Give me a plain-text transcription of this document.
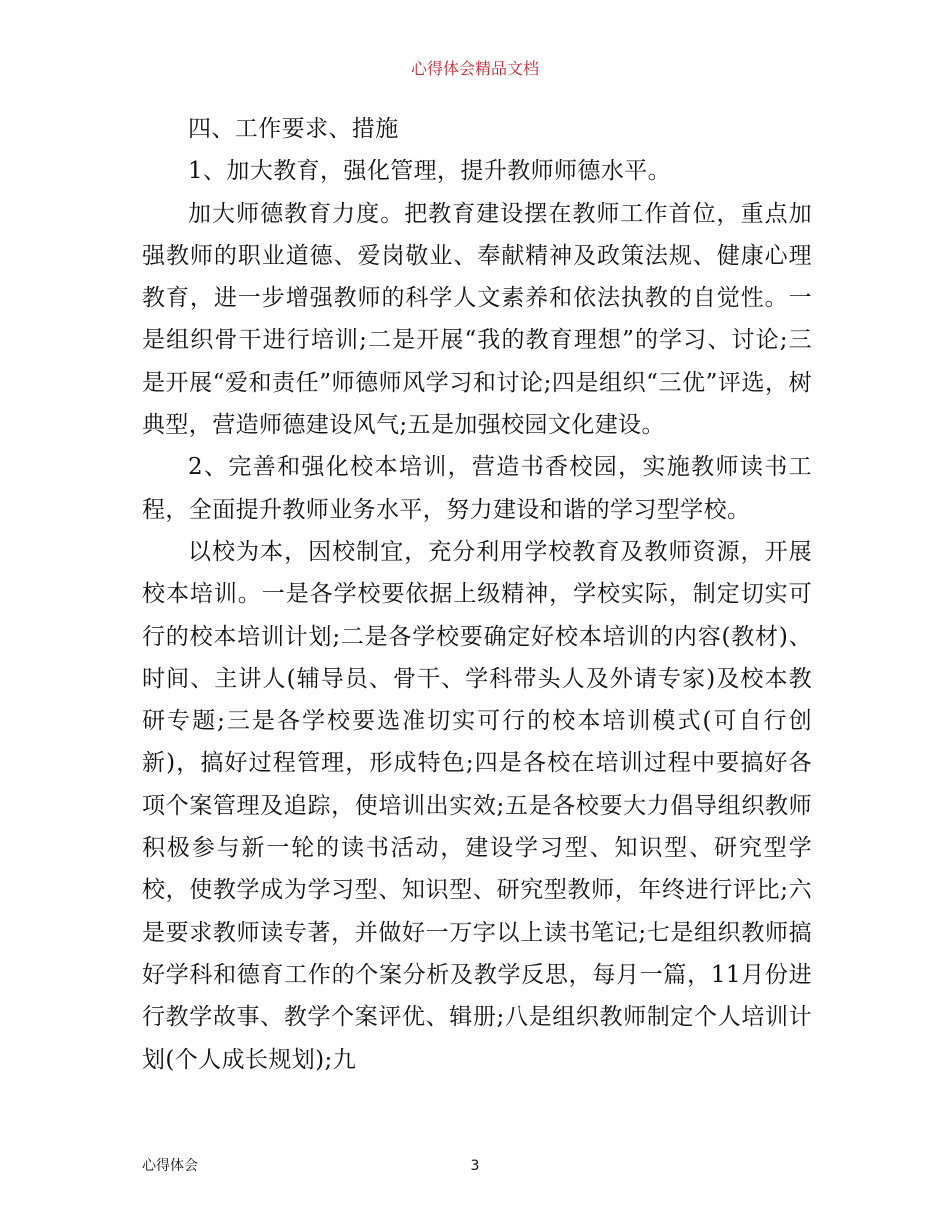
心得体会精品文档

四、工作要求、措施

1、加大教育，强化管理，提升教师师德水平。

加大师德教育力度。把教育建设摆在教师工作首位，重点加强教师的职业道德、爱岗敬业、奉献精神及政策法规、健康心理教育，进一步增强教师的科学人文素养和依法执教的自觉性。一是组织骨干进行培训;二是开展“我的教育理想”的学习、讨论;三是开展“爱和责任”师德师风学习和讨论;四是组织“三优”评选，树典型，营造师德建设风气;五是加强校园文化建设。

2、完善和强化校本培训，营造书香校园，实施教师读书工程，全面提升教师业务水平，努力建设和谐的学习型学校。

以校为本，因校制宜，充分利用学校教育及教师资源，开展校本培训。一是各学校要依据上级精神，学校实际，制定切实可行的校本培训计划;二是各学校要确定好校本培训的内容(教材)、时间、主讲人(辅导员、骨干、学科带头人及外请专家)及校本教研专题;三是各学校要选准切实可行的校本培训模式(可自行创新)，搞好过程管理，形成特色;四是各校在培训过程中要搞好各项个案管理及追踪，使培训出实效;五是各校要大力倡导组织教师积极参与新一轮的读书活动，建设学习型、知识型、研究型学校，使教学成为学习型、知识型、研究型教师，年终进行评比;六是要求教师读专著，并做好一万字以上读书笔记;七是组织教师搞好学科和德育工作的个案分析及教学反思，每月一篇，11月份进行教学故事、教学个案评优、辑册;八是组织教师制定个人培训计划(个人成长规划);九

心得体会	3
